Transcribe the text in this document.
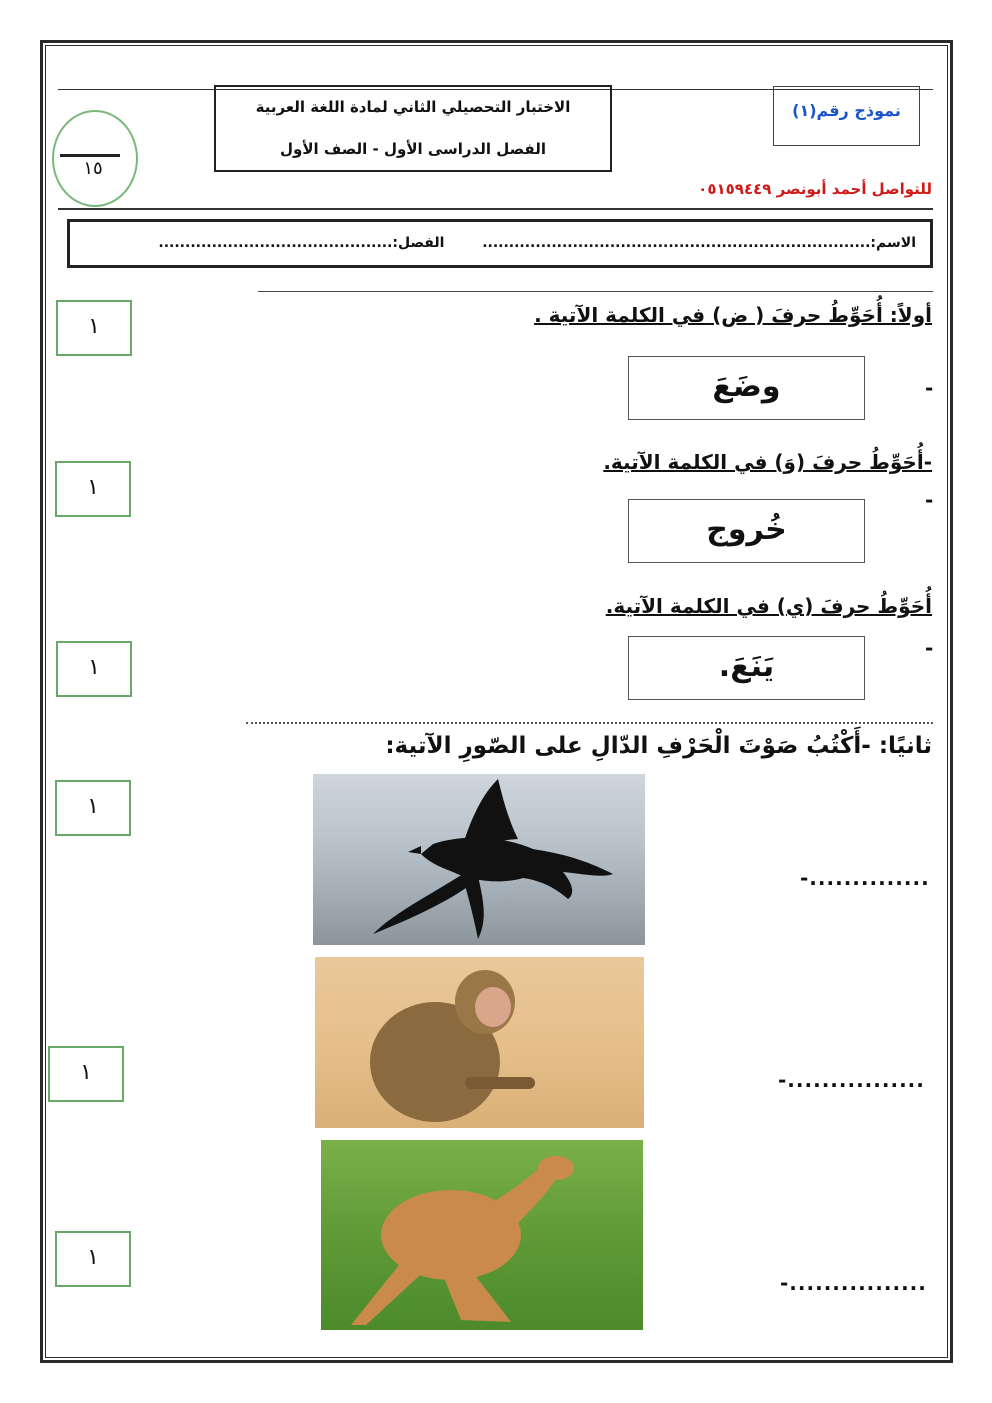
الاختبار التحصيلي الثاني لمادة اللغة العربية
الفصل الدراسى الأول - الصف الأول
نموذج رقم(١)
١٥
للتواصل أحمد أبونصر ٠٥١٥٩٤٤٩
الاسم:.........................................................................  الفصل:............................................
أولاً: أُحَوِّطُ حرفَ ( ض) في الكلمة الآتية .
١
-
وضَعَ
-أُحَوِّطُ حرفَ (وَ) في الكلمة الآتية.
١	-
خُروج
أُحَوِّطُ حرفَ (ي) في الكلمة الآتية.
١
-
يَنَعَ.
ثانيًا: -أَكْتُبُ صَوْتَ الْحَرْفِ الدّالِ على الصّورِ الآتية:
-..............
١
-................
١
-................
١
